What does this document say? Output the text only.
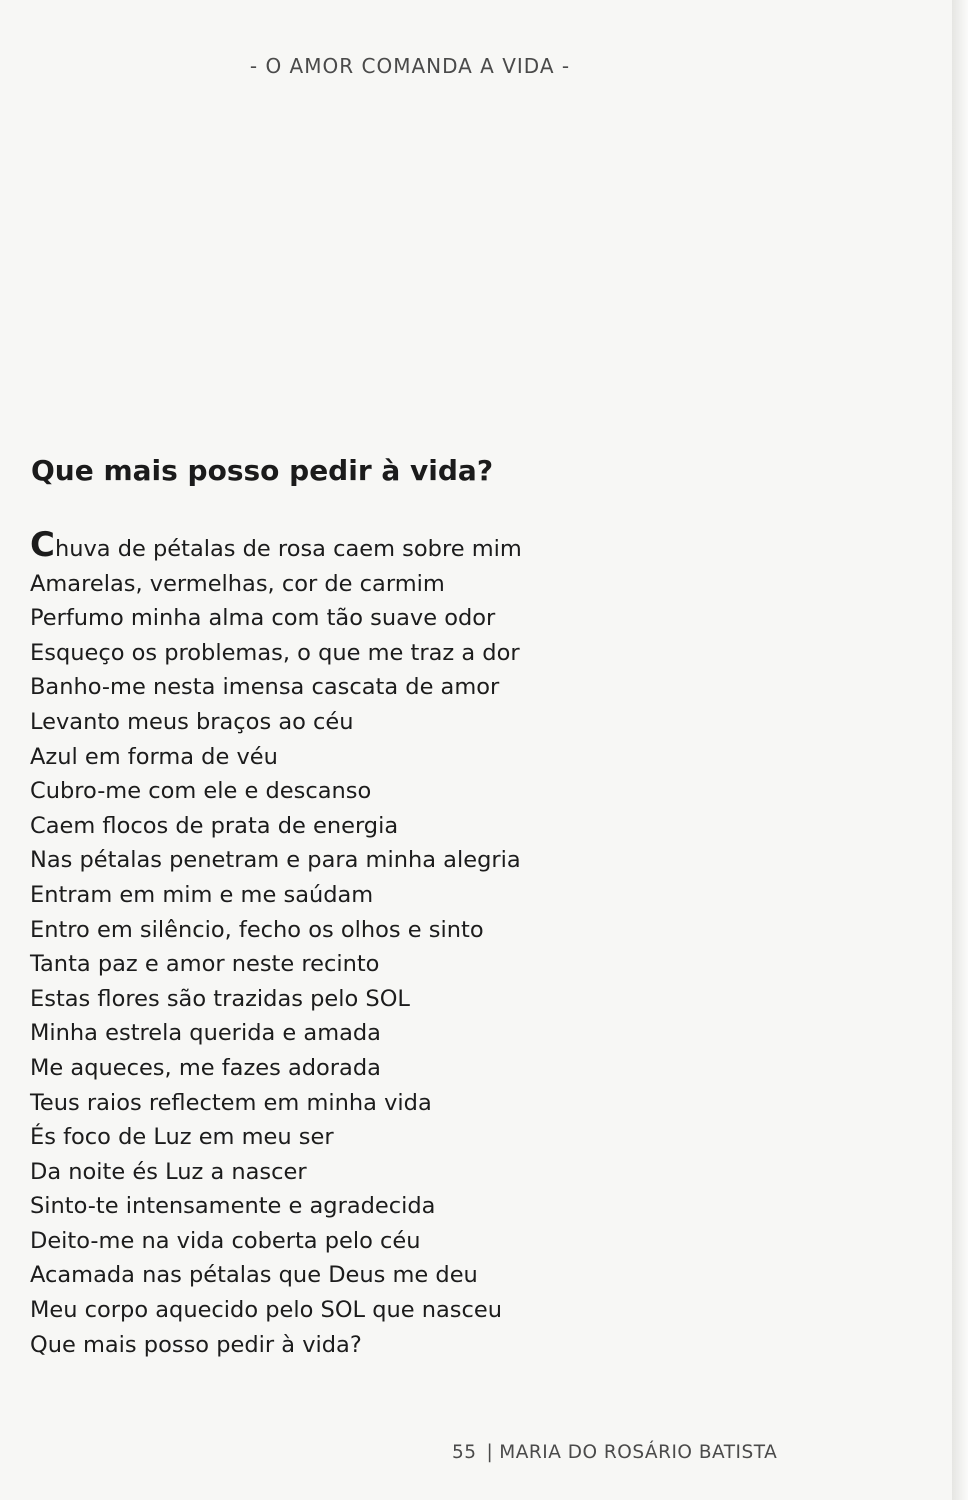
- O AMOR COMANDA A VIDA -
Que mais posso pedir à vida?
Chuva de pétalas de rosa caem sobre mim
Amarelas, vermelhas, cor de carmim
Perfumo minha alma com tão suave odor
Esqueço os problemas, o que me traz a dor
Banho-me nesta imensa cascata de amor
Levanto meus braços ao céu
Azul em forma de véu
Cubro-me com ele e descanso
Caem flocos de prata de energia
Nas pétalas penetram e para minha alegria
Entram em mim e me saúdam
Entro em silêncio, fecho os olhos e sinto
Tanta paz e amor neste recinto
Estas flores são trazidas pelo SOL
Minha estrela querida e amada
Me aqueces, me fazes adorada
Teus raios reflectem em minha vida
És foco de Luz em meu ser
Da noite és Luz a nascer
Sinto-te intensamente e agradecida
Deito-me na vida coberta pelo céu
Acamada nas pétalas que Deus me deu
Meu corpo aquecido pelo SOL que nasceu
Que mais posso pedir à vida?
55 | MARIA DO ROSÁRIO BATISTA
